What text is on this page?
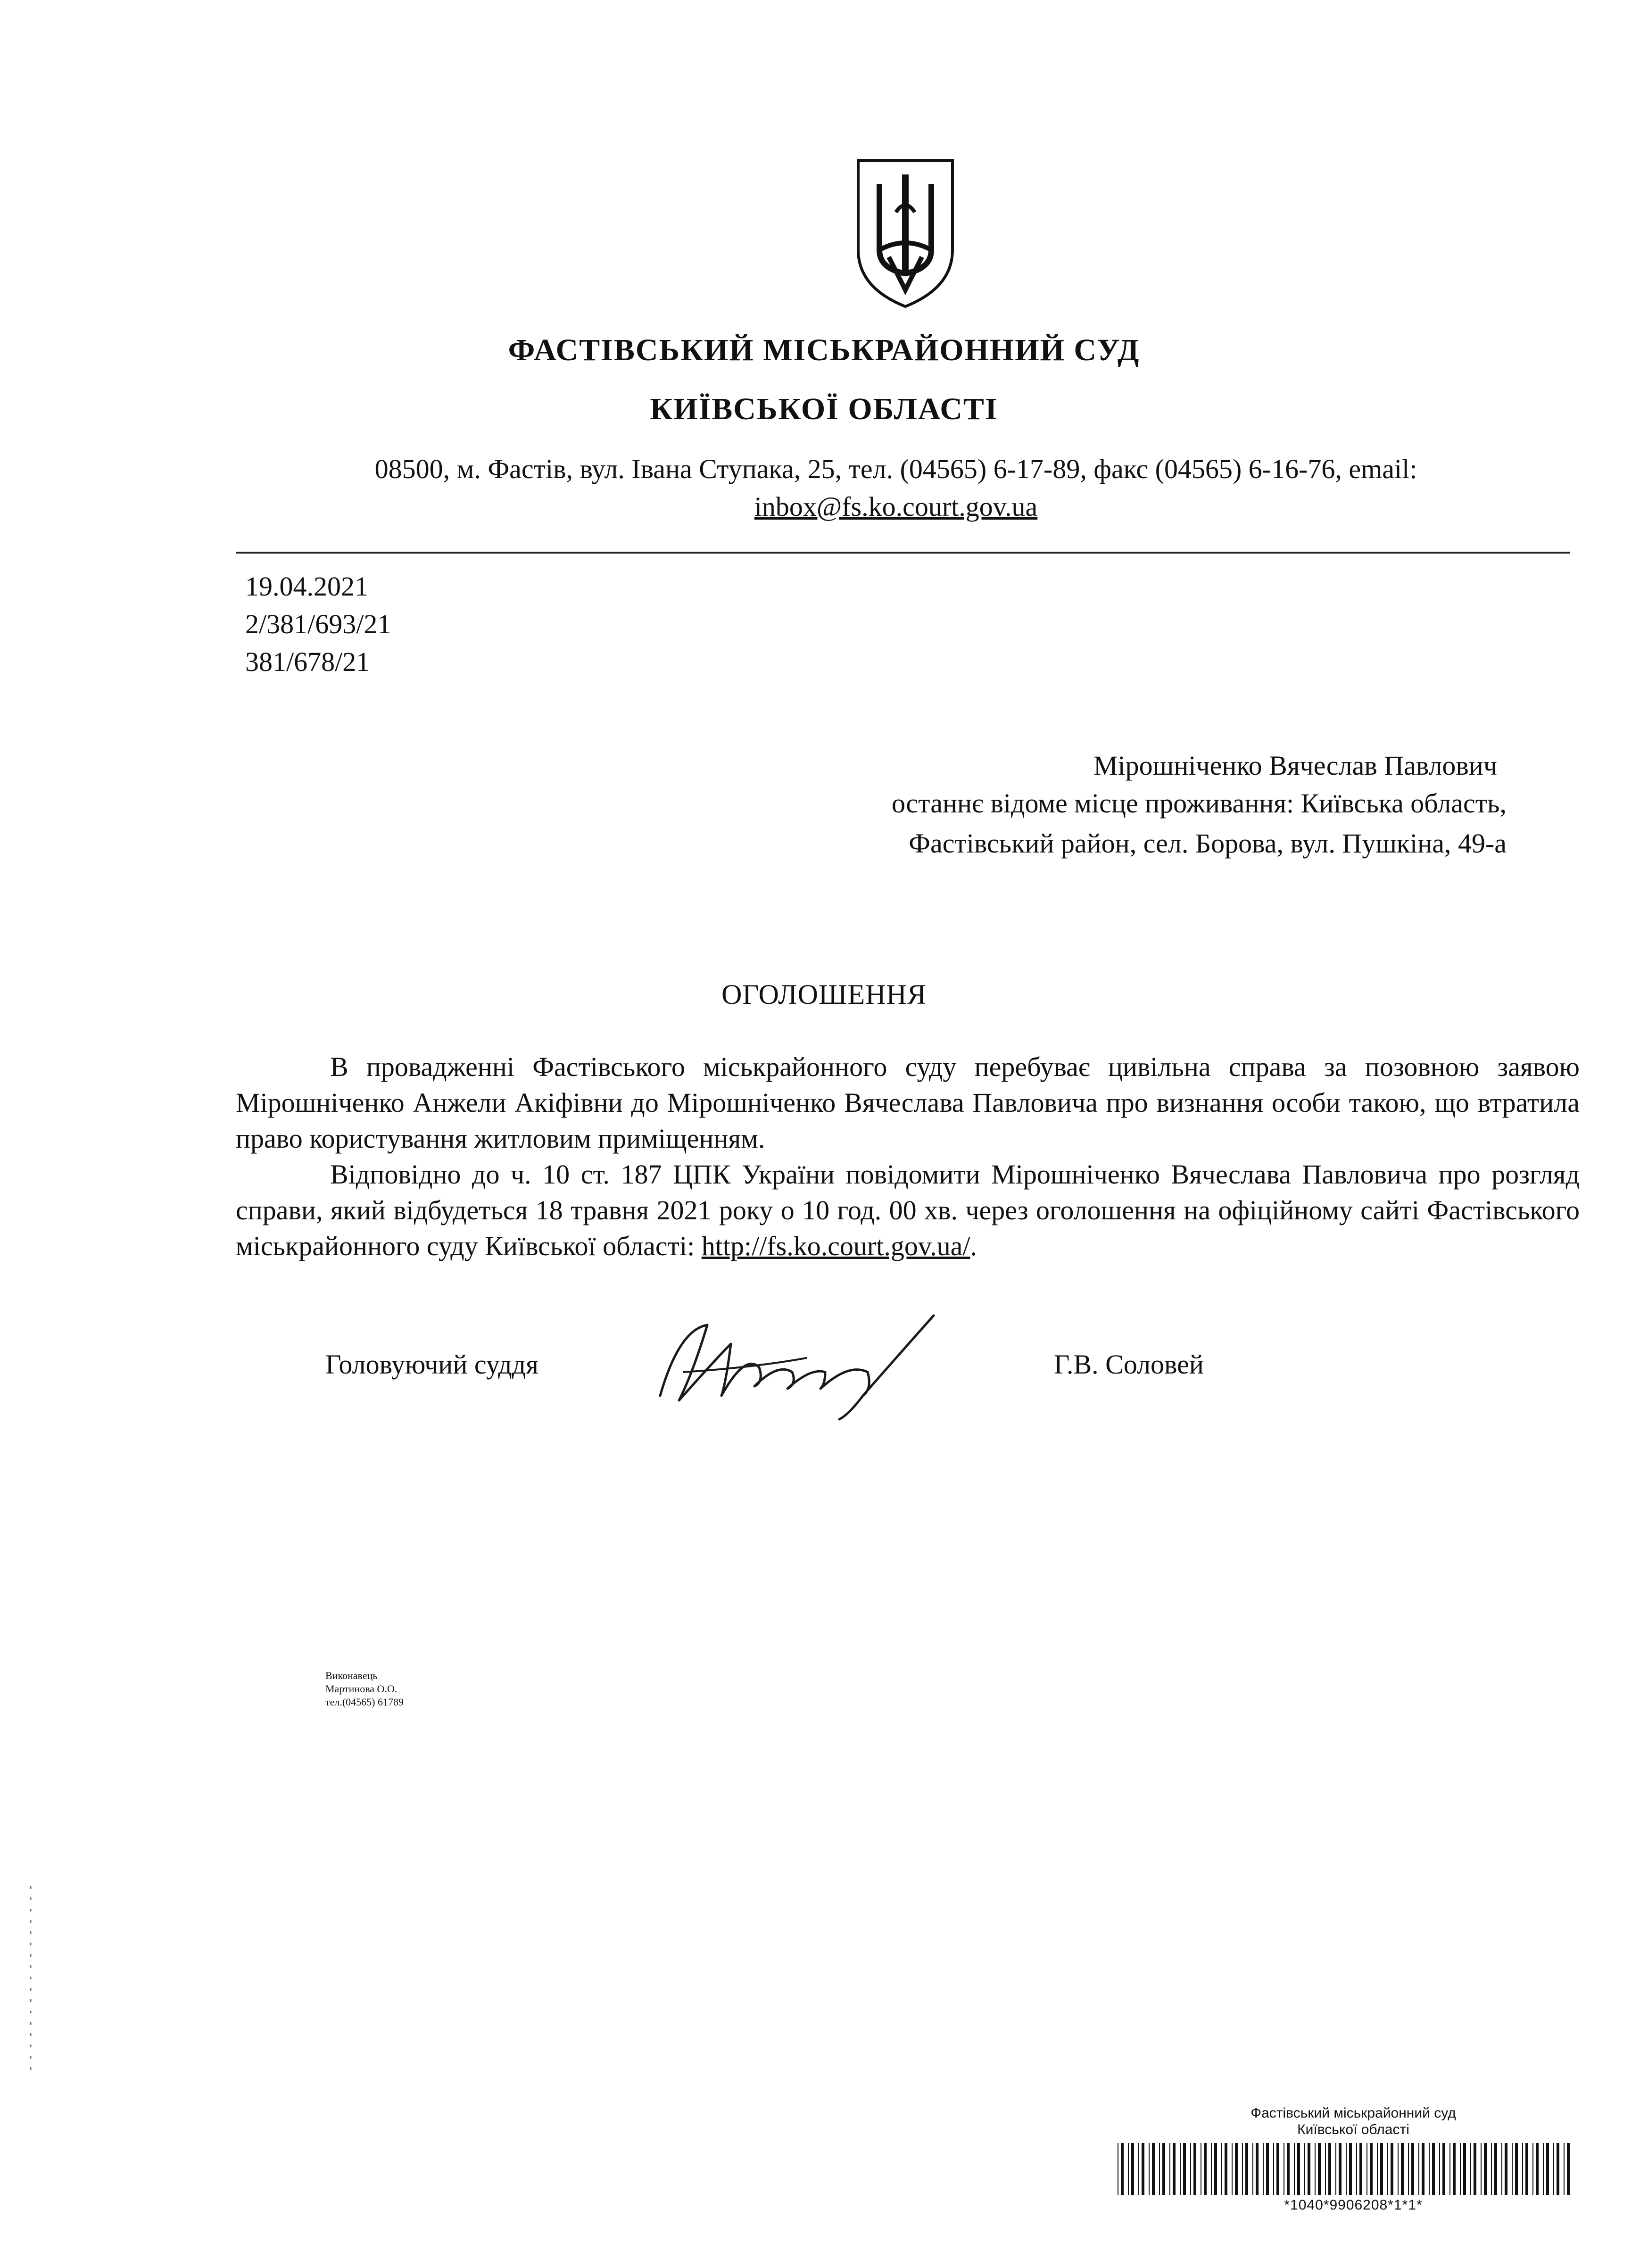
ФАСТІВСЬКИЙ МІСЬКРАЙОННИЙ СУД
КИЇВСЬКОЇ ОБЛАСТІ
08500, м. Фастів, вул. Івана Ступака, 25, тел. (04565) 6-17-89, факс (04565) 6-16-76, email:
inbox@fs.ko.court.gov.ua
19.04.2021
2/381/693/21
381/678/21
Мірошніченко Вячеслав Павлович
останнє відоме місце проживання: Київська область,
Фастівський район, сел. Борова, вул. Пушкіна, 49-а
ОГОЛОШЕННЯ

В провадженні Фастівського міськрайонного суду перебуває цивільна справа за позовною заявою Мірошніченко Анжели Акіфівни до Мірошніченко Вячеслава Павловича про визнання особи такою, що втратила право користування житловим приміщенням.

Відповідно до ч. 10 ст. 187 ЦПК України повідомити Мірошніченко Вячеслава Павловича про розгляд справи, який відбудеться 18 травня 2021 року о 10 год. 00 хв. через оголошення на офіційному сайті Фастівського міськрайонного суду Київської області: http://fs.ko.court.gov.ua/.

Головуючий суддя	Г.В. Соловей
Виконавець
Мартинова О.О.
тел.(04565) 61789
Фастівський міськрайонний суд
Київської області
*1040*9906208*1*1*
